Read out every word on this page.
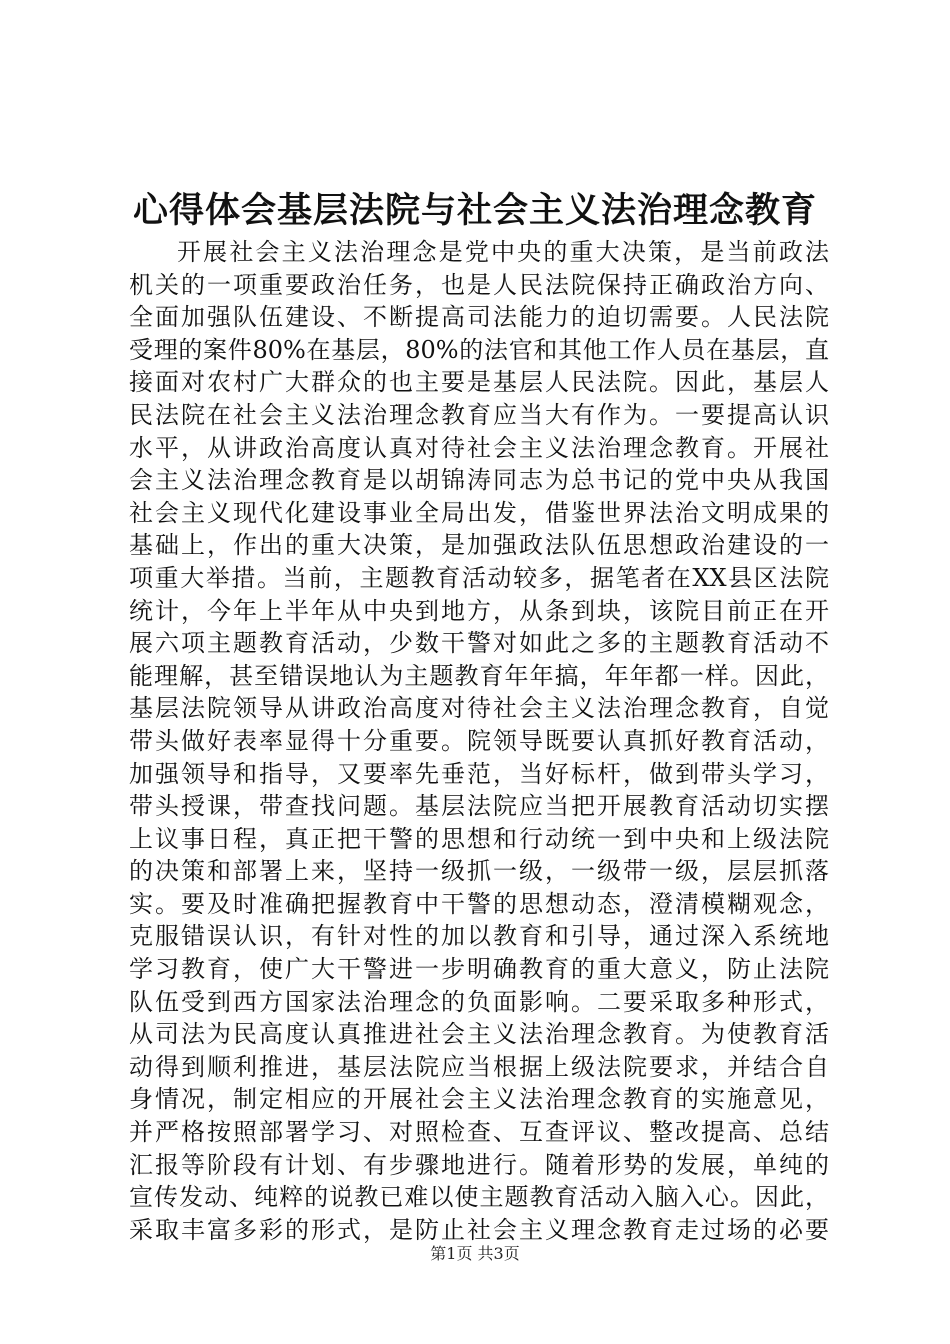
心得体会基层法院与社会主义法治理念教育
开展社会主义法治理念是党中央的重大决策，是当前政法
机关的一项重要政治任务，也是人民法院保持正确政治方向、
全面加强队伍建设、不断提高司法能力的迫切需要。人民法院
受理的案件80%在基层，80%的法官和其他工作人员在基层，直
接面对农村广大群众的也主要是基层人民法院。因此，基层人
民法院在社会主义法治理念教育应当大有作为。一要提高认识
水平，从讲政治高度认真对待社会主义法治理念教育。开展社
会主义法治理念教育是以胡锦涛同志为总书记的党中央从我国
社会主义现代化建设事业全局出发，借鉴世界法治文明成果的
基础上，作出的重大决策，是加强政法队伍思想政治建设的一
项重大举措。当前，主题教育活动较多，据笔者在XX县区法院
统计，今年上半年从中央到地方，从条到块，该院目前正在开
展六项主题教育活动，少数干警对如此之多的主题教育活动不
能理解，甚至错误地认为主题教育年年搞，年年都一样。因此，
基层法院领导从讲政治高度对待社会主义法治理念教育，自觉
带头做好表率显得十分重要。院领导既要认真抓好教育活动，
加强领导和指导，又要率先垂范，当好标杆，做到带头学习，
带头授课，带查找问题。基层法院应当把开展教育活动切实摆
上议事日程，真正把干警的思想和行动统一到中央和上级法院
的决策和部署上来，坚持一级抓一级，一级带一级，层层抓落
实。要及时准确把握教育中干警的思想动态，澄清模糊观念，
克服错误认识，有针对性的加以教育和引导，通过深入系统地
学习教育，使广大干警进一步明确教育的重大意义，防止法院
队伍受到西方国家法治理念的负面影响。二要采取多种形式，
从司法为民高度认真推进社会主义法治理念教育。为使教育活
动得到顺利推进，基层法院应当根据上级法院要求，并结合自
身情况，制定相应的开展社会主义法治理念教育的实施意见，
并严格按照部署学习、对照检查、互查评议、整改提高、总结
汇报等阶段有计划、有步骤地进行。随着形势的发展，单纯的
宣传发动、纯粹的说教已难以使主题教育活动入脑入心。因此，
采取丰富多彩的形式，是防止社会主义理念教育走过场的必要
第1页 共3页
